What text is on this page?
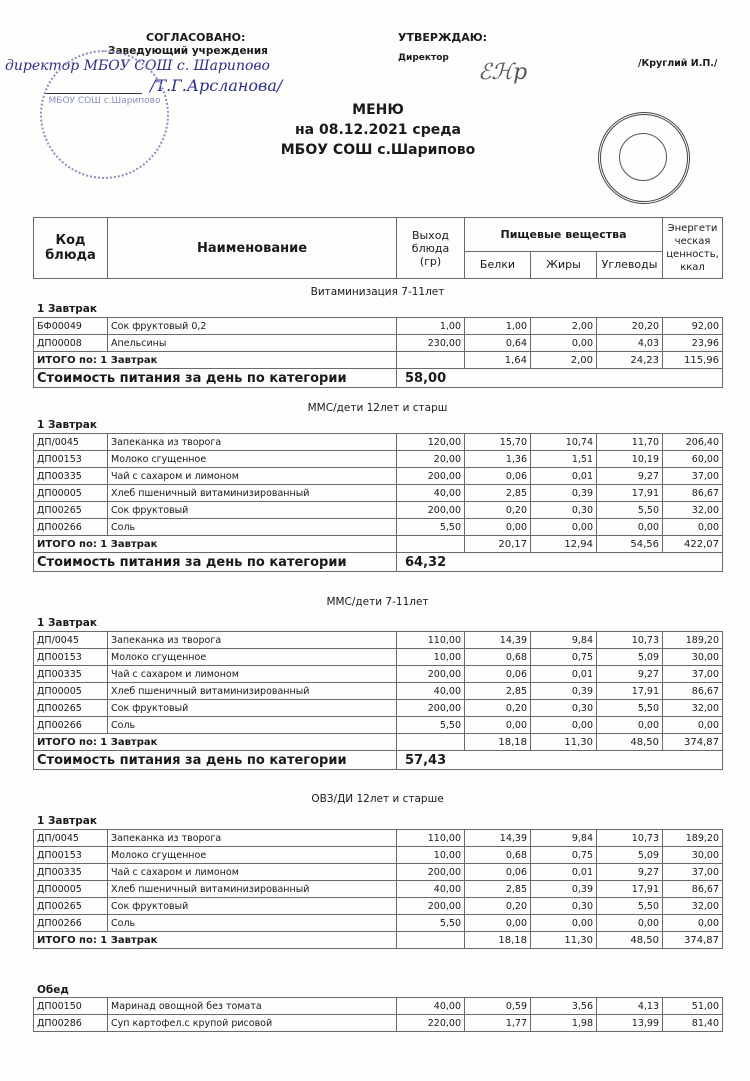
СОГЛАСОВАНО:
Заведующий учреждения
директор МБОУ СОШ с. Шарипово
/Т.Г.Арсланова/
МБОУ СОШ с.Шарипово
УТВЕРЖДАЮ:
Директор
ℰℋр	/Круглий И.П./
МЕНЮ
на 08.12.2021 среда
МБОУ СОШ с.Шарипово
Код блюда	Наименование	Выход блюда (гр)	Пищевые вещества			Энергети ческая ценность, ккал
			Белки	Жиры	Углеводы	
Витаминизация 7-11лет
1 Завтрак
БФ00049	Сок фруктовый 0,2	1,00	1,00	2,00	20,20	92,00
ДП00008	Апельсины	230,00	0,64	0,00	4,03	23,96
ИТОГО по: 1 Завтрак			1,64	2,00	24,23	115,96
Стоимость питания за день по категории		58,00				
ММС/дети 12лет и старш
1 Завтрак
ДП/0045	Запеканка из творога	120,00	15,70	10,74	11,70	206,40
ДП00153	Молоко сгущенное	20,00	1,36	1,51	10,19	60,00
ДП00335	Чай с сахаром и лимоном	200,00	0,06	0,01	9,27	37,00
ДП00005	Хлеб пшеничный витаминизированный	40,00	2,85	0,39	17,91	86,67
ДП00265	Сок фруктовый	200,00	0,20	0,30	5,50	32,00
ДП00266	Соль	5,50	0,00	0,00	0,00	0,00
ИТОГО по: 1 Завтрак			20,17	12,94	54,56	422,07
Стоимость питания за день по категории		64,32				
ММС/дети 7-11лет
1 Завтрак
ДП/0045	Запеканка из творога	110,00	14,39	9,84	10,73	189,20
ДП00153	Молоко сгущенное	10,00	0,68	0,75	5,09	30,00
ДП00335	Чай с сахаром и лимоном	200,00	0,06	0,01	9,27	37,00
ДП00005	Хлеб пшеничный витаминизированный	40,00	2,85	0,39	17,91	86,67
ДП00265	Сок фруктовый	200,00	0,20	0,30	5,50	32,00
ДП00266	Соль	5,50	0,00	0,00	0,00	0,00
ИТОГО по: 1 Завтрак			18,18	11,30	48,50	374,87
Стоимость питания за день по категории		57,43				
ОВЗ/ДИ 12лет и старше
1 Завтрак
ДП/0045	Запеканка из творога	110,00	14,39	9,84	10,73	189,20
ДП00153	Молоко сгущенное	10,00	0,68	0,75	5,09	30,00
ДП00335	Чай с сахаром и лимоном	200,00	0,06	0,01	9,27	37,00
ДП00005	Хлеб пшеничный витаминизированный	40,00	2,85	0,39	17,91	86,67
ДП00265	Сок фруктовый	200,00	0,20	0,30	5,50	32,00
ДП00266	Соль	5,50	0,00	0,00	0,00	0,00
ИТОГО по: 1 Завтрак			18,18	11,30	48,50	374,87
Обед
ДП00150	Маринад овощной без томата	40,00	0,59	3,56	4,13	51,00
ДП00286	Суп картофел.с крупой рисовой	220,00	1,77	1,98	13,99	81,40
